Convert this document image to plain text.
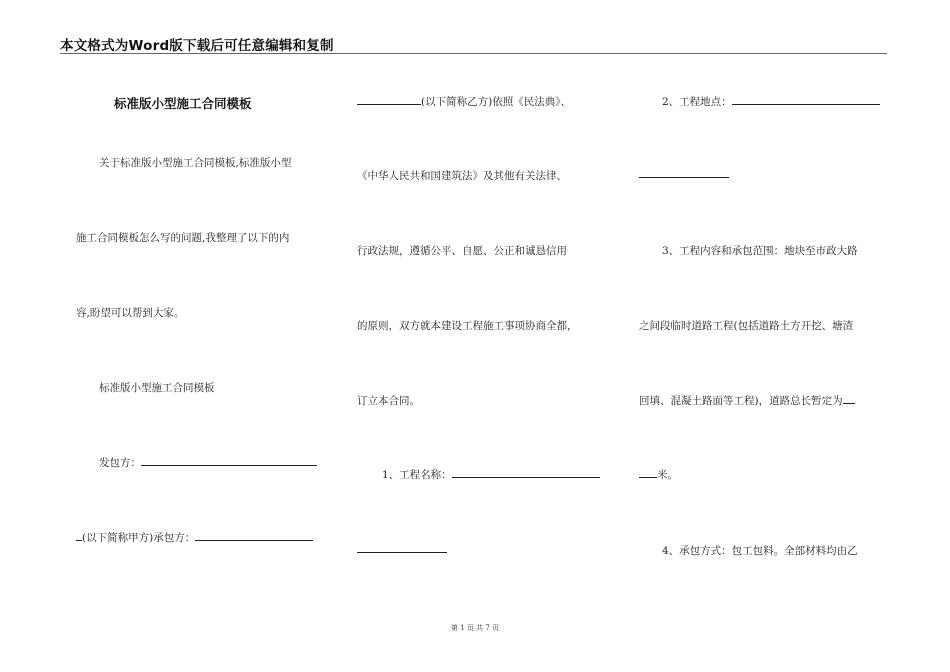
本文格式为Word版下载后可任意编辑和复制
标准版小型施工合同模板
关于标准版小型施工合同模板,标准版小型
施工合同模板怎么写的问题,我整理了以下的内
容,盼望可以帮到大家。
标准版小型施工合同模板
发包方：
(以下简称甲方)承包方：
(以下简称乙方)依照《民法典》、
《中华人民共和国建筑法》及其他有关法律、
行政法规，遵循公平、自愿、公正和诚恳信用
的原则，双方就本建设工程施工事项协商全都，
订立本合同。
1、工程名称：
2、工程地点：
3、工程内容和承包范围：地块至市政大路
之间段临时道路工程(包括道路土方开挖、塘渣
回填、混凝土路面等工程)，道路总长暂定为
米。
4、承包方式：包工包料。全部材料均由乙
第 1 页 共 7 页
